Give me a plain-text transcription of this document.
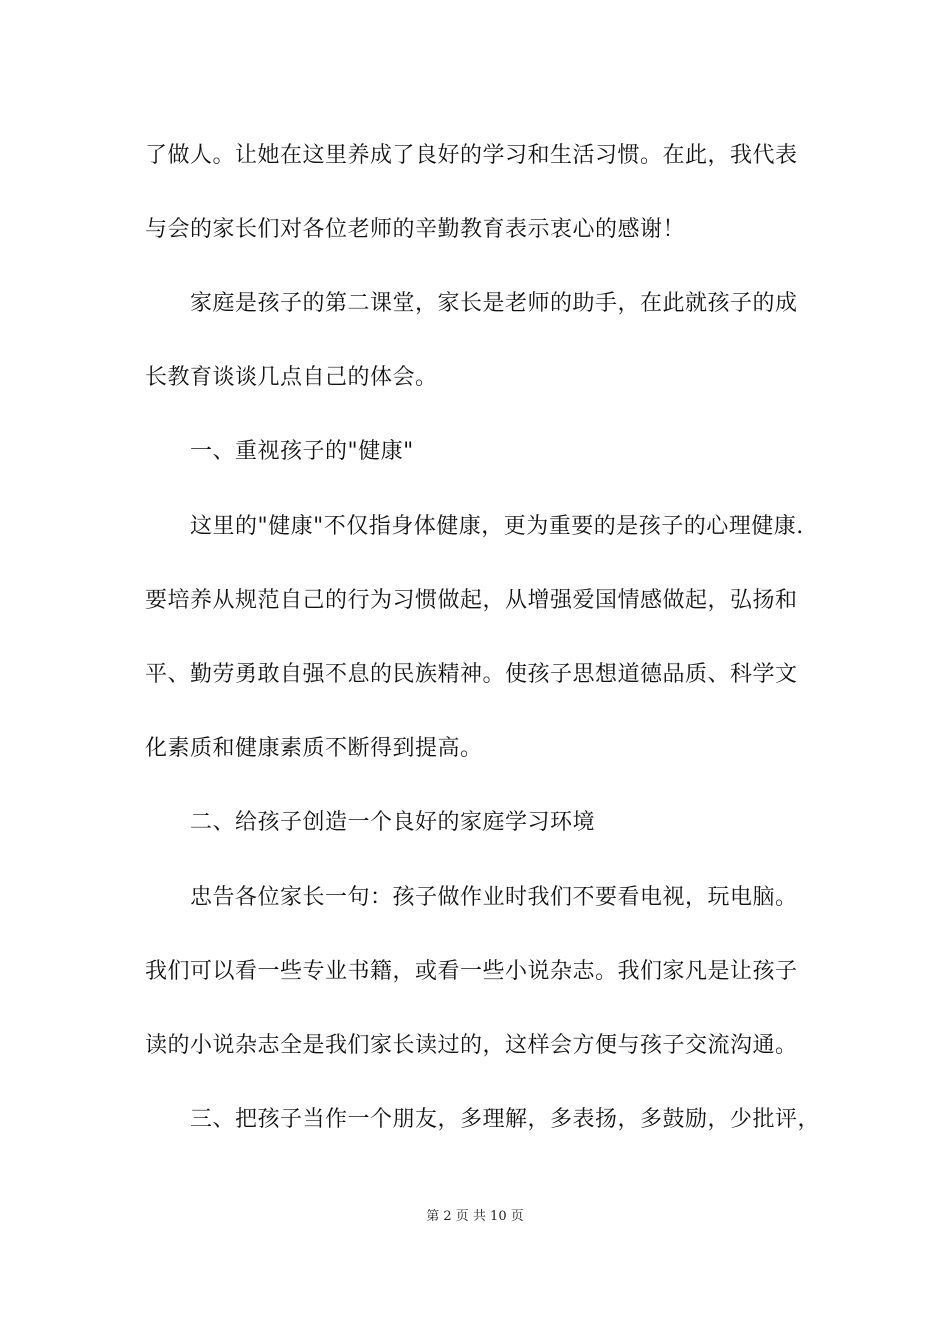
了做人。让她在这里养成了良好的学习和生活习惯。在此，我代表
与会的家长们对各位老师的辛勤教育表示衷心的感谢！
家庭是孩子的第二课堂，家长是老师的助手，在此就孩子的成
长教育谈谈几点自己的体会。
一、重视孩子的"健康"
这里的"健康"不仅指身体健康，更为重要的是孩子的心理健康.
要培养从规范自己的行为习惯做起，从增强爱国情感做起，弘扬和
平、勤劳勇敢自强不息的民族精神。使孩子思想道德品质、科学文
化素质和健康素质不断得到提高。
二、给孩子创造一个良好的家庭学习环境
忠告各位家长一句：孩子做作业时我们不要看电视，玩电脑。
我们可以看一些专业书籍，或看一些小说杂志。我们家凡是让孩子
读的小说杂志全是我们家长读过的，这样会方便与孩子交流沟通。
三、把孩子当作一个朋友，多理解，多表扬，多鼓励，少批评，
第 2 页 共 10 页
